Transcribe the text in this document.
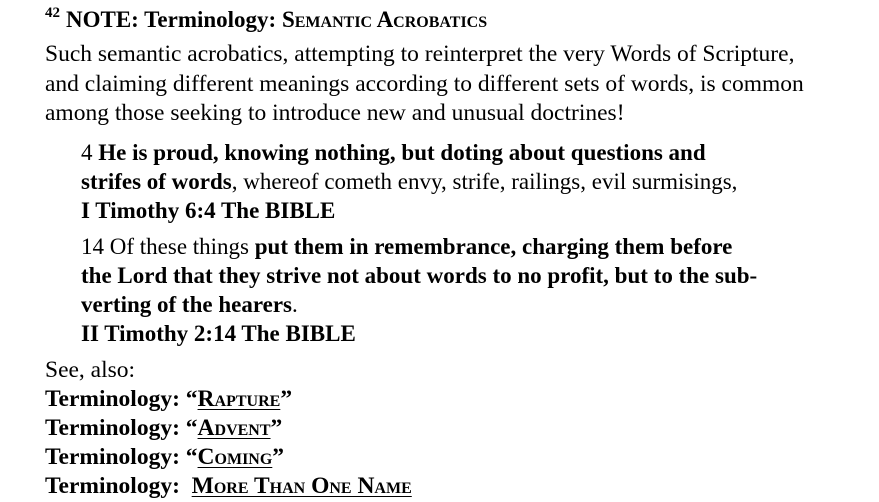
$^{42}$ NOTE: Terminology: Semantic Acrobatics
Such semantic acrobatics, attempting to reinterpret the very Words of Scripture,
and claiming different meanings according to different sets of words, is common
among those seeking to introduce new and unusual doctrines!
4 He is proud, knowing nothing, but doting about questions and
strifes of words, whereof cometh envy, strife, railings, evil surmisings,
I Timothy 6:4 The BIBLE
14 Of these things put them in remembrance, charging them before
the Lord that they strive not about words to no profit, but to the sub-
verting of the hearers.
II Timothy 2:14 The BIBLE
See, also:
Terminology: “Rapture”
Terminology: “Advent”
Terminology: “Coming”
Terminology:  More Than One Name
